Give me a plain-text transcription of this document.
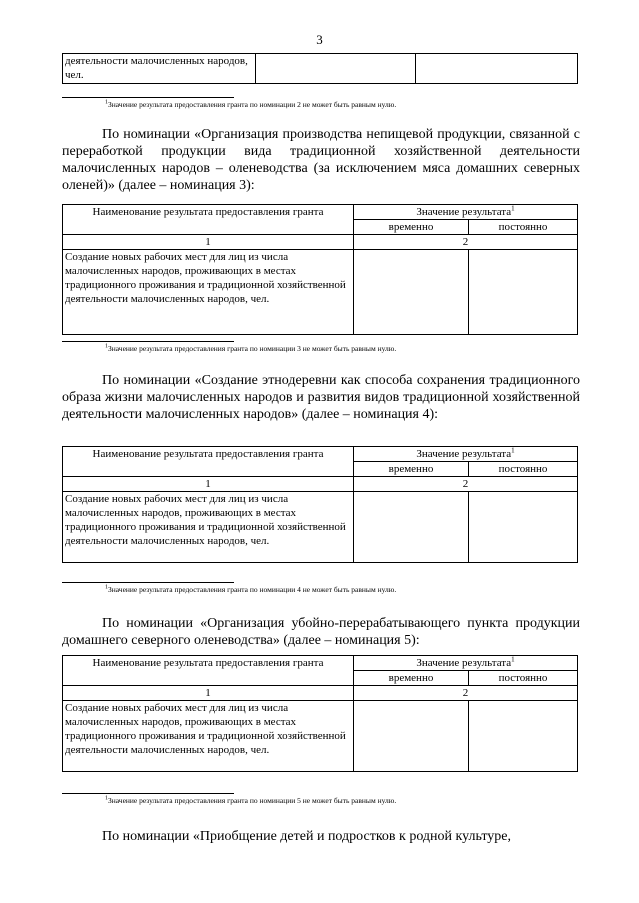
3
деятельности малочисленных народов, чел.		
$^1$Значение результата предоставления гранта по номинации 2 не может быть равным нулю.
По номинации «Организация производства непищевой продукции, связанной с переработкой продукции вида традиционной хозяйственной деятельности малочисленных народов – оленеводства (за исключением мяса домашних северных оленей)» (далее – номинация 3):
Наименование результата предоставления гранта	Значение результата$^1$
	временно	постоянно
1	2	
Создание новых рабочих мест для лиц из числа малочисленных народов, проживающих в местах традиционного проживания и традиционной хозяйственной деятельности малочисленных народов, чел.		
$^1$Значение результата предоставления гранта по номинации 3 не может быть равным нулю.
По номинации «Создание этнодеревни как способа сохранения традиционного образа жизни малочисленных народов и развития видов традиционной хозяйственной деятельности малочисленных народов» (далее – номинация 4):
Наименование результата предоставления гранта	Значение результата$^1$
	временно	постоянно
1	2	
Создание новых рабочих мест для лиц из числа малочисленных народов, проживающих в местах традиционного проживания и традиционной хозяйственной деятельности малочисленных народов, чел.		
$^1$Значение результата предоставления гранта по номинации 4 не может быть равным нулю.
По номинации «Организация убойно-перерабатывающего пункта продукции домашнего северного оленеводства» (далее – номинация 5):
Наименование результата предоставления гранта	Значение результата$^1$
	временно	постоянно
1	2	
Создание новых рабочих мест для лиц из числа малочисленных народов, проживающих в местах традиционного проживания и традиционной хозяйственной деятельности малочисленных народов, чел.		
$^1$Значение результата предоставления гранта по номинации 5 не может быть равным нулю.
По номинации «Приобщение детей и подростков к родной культуре,
